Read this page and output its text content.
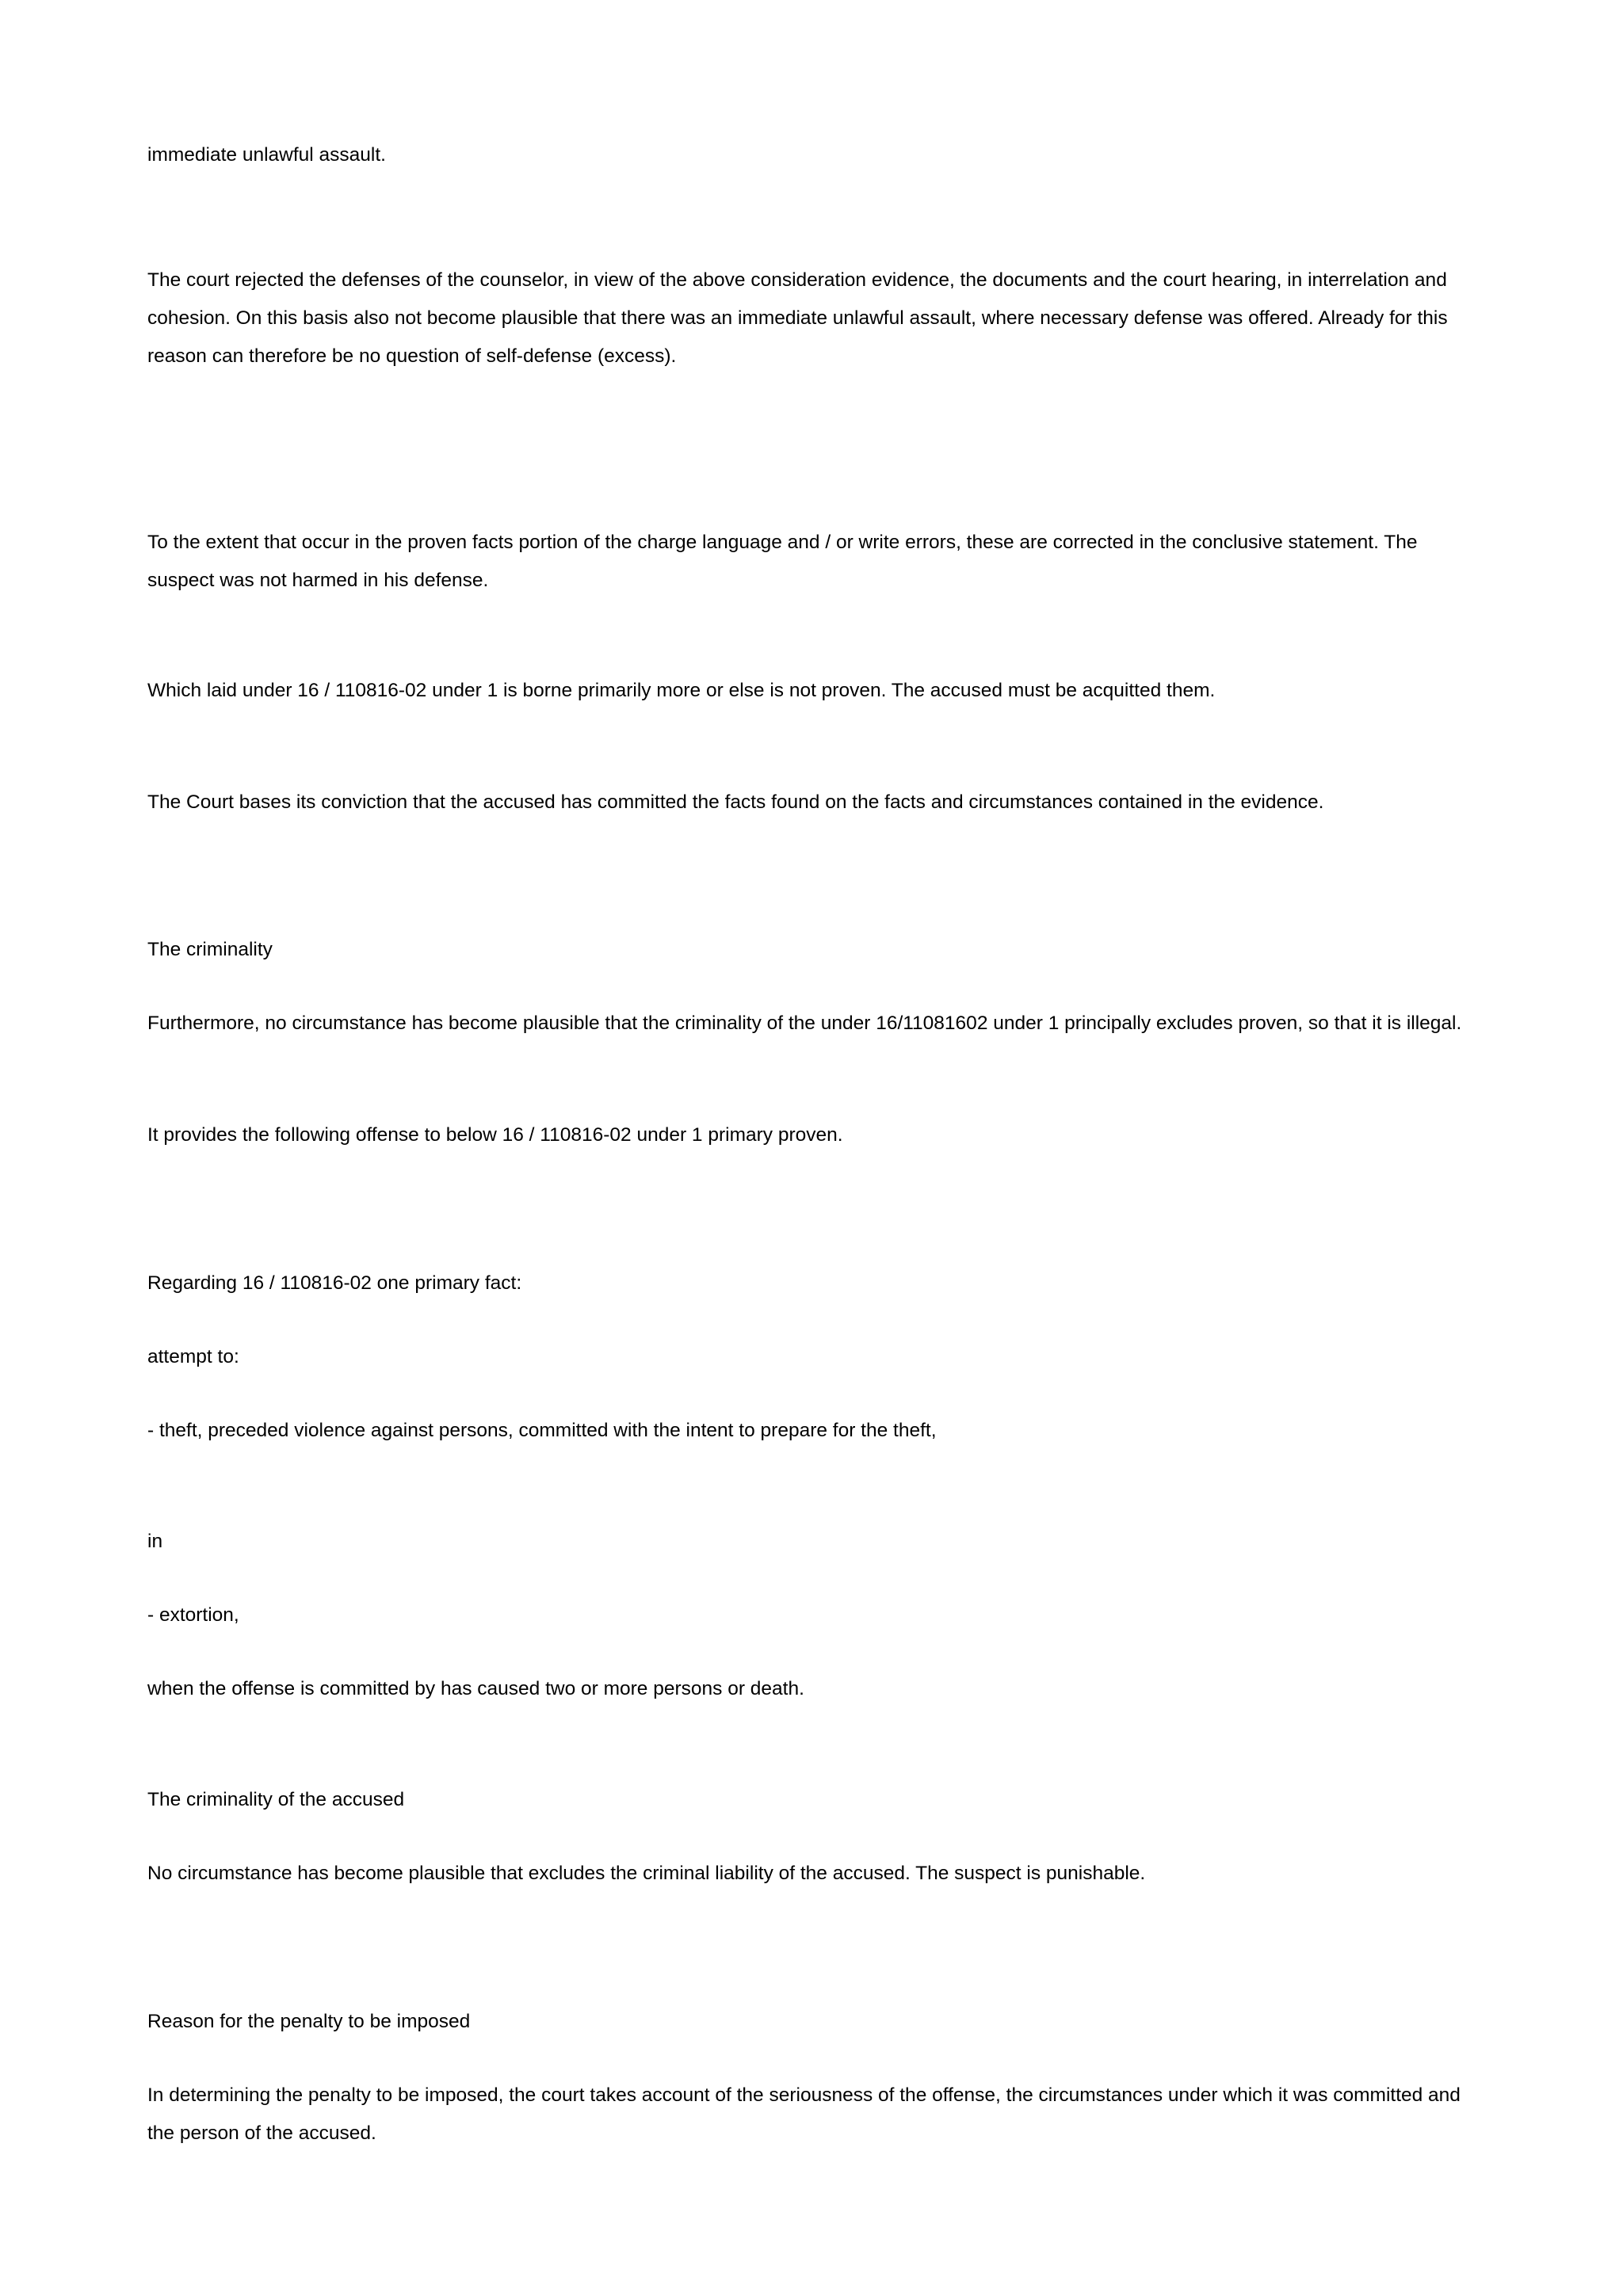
immediate unlawful assault.

The court rejected the defenses of the counselor, in view of the above consideration evidence, the documents and the court hearing, in interrelation and cohesion. On this basis also not become plausible that there was an immediate unlawful assault, where necessary defense was offered. Already for this reason can therefore be no question of self-defense (excess).

To the extent that occur in the proven facts portion of the charge language and / or write errors, these are corrected in the conclusive statement. The suspect was not harmed in his defense.

Which laid under 16 / 110816-02 under 1 is borne primarily more or else is not proven. The accused must be acquitted them.

The Court bases its conviction that the accused has committed the facts found on the facts and circumstances contained in the evidence.

The criminality

Furthermore, no circumstance has become plausible that the criminality of the under 16/11081602 under 1 principally excludes proven, so that it is illegal.

It provides the following offense to below 16 / 110816-02 under 1 primary proven.

Regarding 16 / 110816-02 one primary fact:

attempt to:

- theft, preceded violence against persons, committed with the intent to prepare for the theft,

in

- extortion,

when the offense is committed by has caused two or more persons or death.

The criminality of the accused

No circumstance has become plausible that excludes the criminal liability of the accused. The suspect is punishable.

Reason for the penalty to be imposed

In determining the penalty to be imposed, the court takes account of the seriousness of the offense, the circumstances under which it was committed and the person of the accused.
